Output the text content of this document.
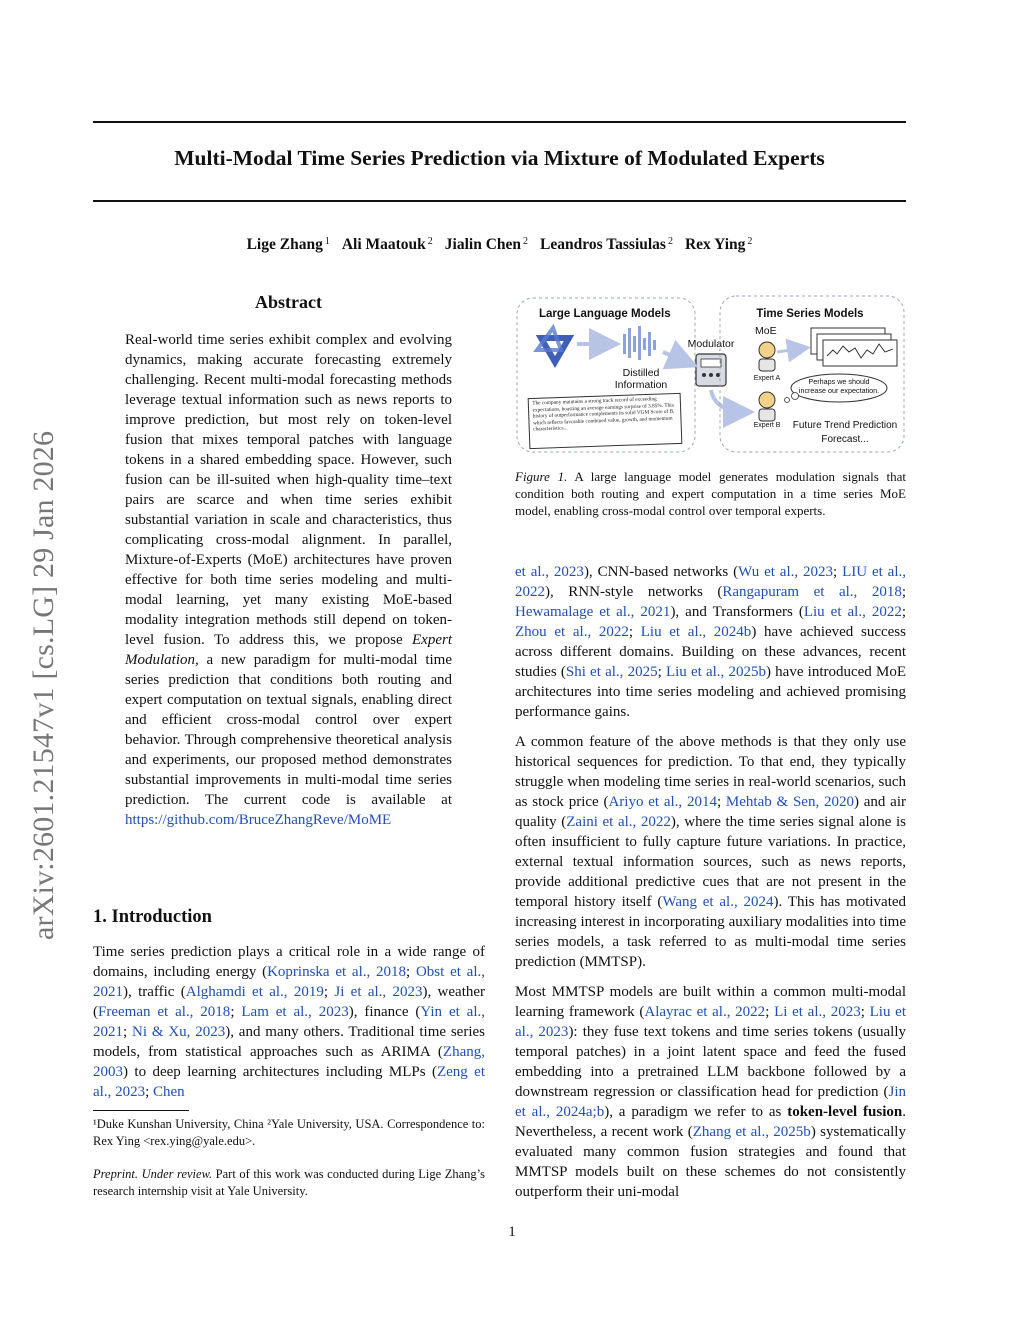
Multi-Modal Time Series Prediction via Mixture of Modulated Experts
Lige Zhang $^1$ Ali Maatouk $^2$ Jialin Chen $^2$ Leandros Tassiulas $^2$ Rex Ying $^2$
arXiv:2601.21547v1 [cs.LG] 29 Jan 2026
Abstract
Real-world time series exhibit complex and evolving dynamics, making accurate forecasting extremely challenging. Recent multi-modal forecasting methods leverage textual information such as news reports to improve prediction, but most rely on token-level fusion that mixes temporal patches with language tokens in a shared embedding space. However, such fusion can be ill-suited when high-quality time–text pairs are scarce and when time series exhibit substantial variation in scale and characteristics, thus complicating cross-modal alignment. In parallel, Mixture-of-Experts (MoE) architectures have proven effective for both time series modeling and multi-modal learning, yet many existing MoE-based modality integration methods still depend on token-level fusion. To address this, we propose Expert Modulation, a new paradigm for multi-modal time series prediction that conditions both routing and expert computation on textual signals, enabling direct and efficient cross-modal control over expert behavior. Through comprehensive theoretical analysis and experiments, our proposed method demonstrates substantial improvements in multi-modal time series prediction. The current code is available at https://github.com/BruceZhangReve/MoME
1. Introduction

Time series prediction plays a critical role in a wide range of domains, including energy (Koprinska et al., 2018; Obst et al., 2021), traffic (Alghamdi et al., 2019; Ji et al., 2023), weather (Freeman et al., 2018; Lam et al., 2023), finance (Yin et al., 2021; Ni & Xu, 2023), and many others. Traditional time series models, from statistical approaches such as ARIMA (Zhang, 2003) to deep learning architectures including MLPs (Zeng et al., 2023; Chen

¹Duke Kunshan University, China ²Yale University, USA. Correspondence to: Rex Ying <rex.ying@yale.edu>.
Preprint. Under review. Part of this work was conducted during Lige Zhang’s research internship visit at Yale University.
Large Language Models
Distilled
Information
The company maintains a strong track record of exceeding expectations, boasting an average earnings surprise of 3.85%. This history of outperformance complements its solid VGM Score of B, which reflects favorable combined value, growth, and momentum characteristics...
Modulator
Time Series Models
MoE
Expert A
Expert B
Perhaps we should increase our expectation.
Future Trend Prediction
Forecast...
Figure 1. A large language model generates modulation signals that condition both routing and expert computation in a time series MoE model, enabling cross-modal control over temporal experts.

et al., 2023), CNN-based networks (Wu et al., 2023; LIU et al., 2022), RNN-style networks (Rangapuram et al., 2018; Hewamalage et al., 2021), and Transformers (Liu et al., 2022; Zhou et al., 2022; Liu et al., 2024b) have achieved success across different domains. Building on these advances, recent studies (Shi et al., 2025; Liu et al., 2025b) have introduced MoE architectures into time series modeling and achieved promising performance gains.

A common feature of the above methods is that they only use historical sequences for prediction. To that end, they typically struggle when modeling time series in real-world scenarios, such as stock price (Ariyo et al., 2014; Mehtab & Sen, 2020) and air quality (Zaini et al., 2022), where the time series signal alone is often insufficient to fully capture future variations. In practice, external textual information sources, such as news reports, provide additional predictive cues that are not present in the temporal history itself (Wang et al., 2024). This has motivated increasing interest in incorporating auxiliary modalities into time series models, a task referred to as multi-modal time series prediction (MMTSP).

Most MMTSP models are built within a common multi-modal learning framework (Alayrac et al., 2022; Li et al., 2023; Liu et al., 2023): they fuse text tokens and time series tokens (usually temporal patches) in a joint latent space and feed the fused embedding into a pretrained LLM backbone followed by a downstream regression or classification head for prediction (Jin et al., 2024a;b), a paradigm we refer to as token-level fusion. Nevertheless, a recent work (Zhang et al., 2025b) systematically evaluated many common fusion strategies and found that MMTSP models built on these schemes do not consistently outperform their uni-modal

1
